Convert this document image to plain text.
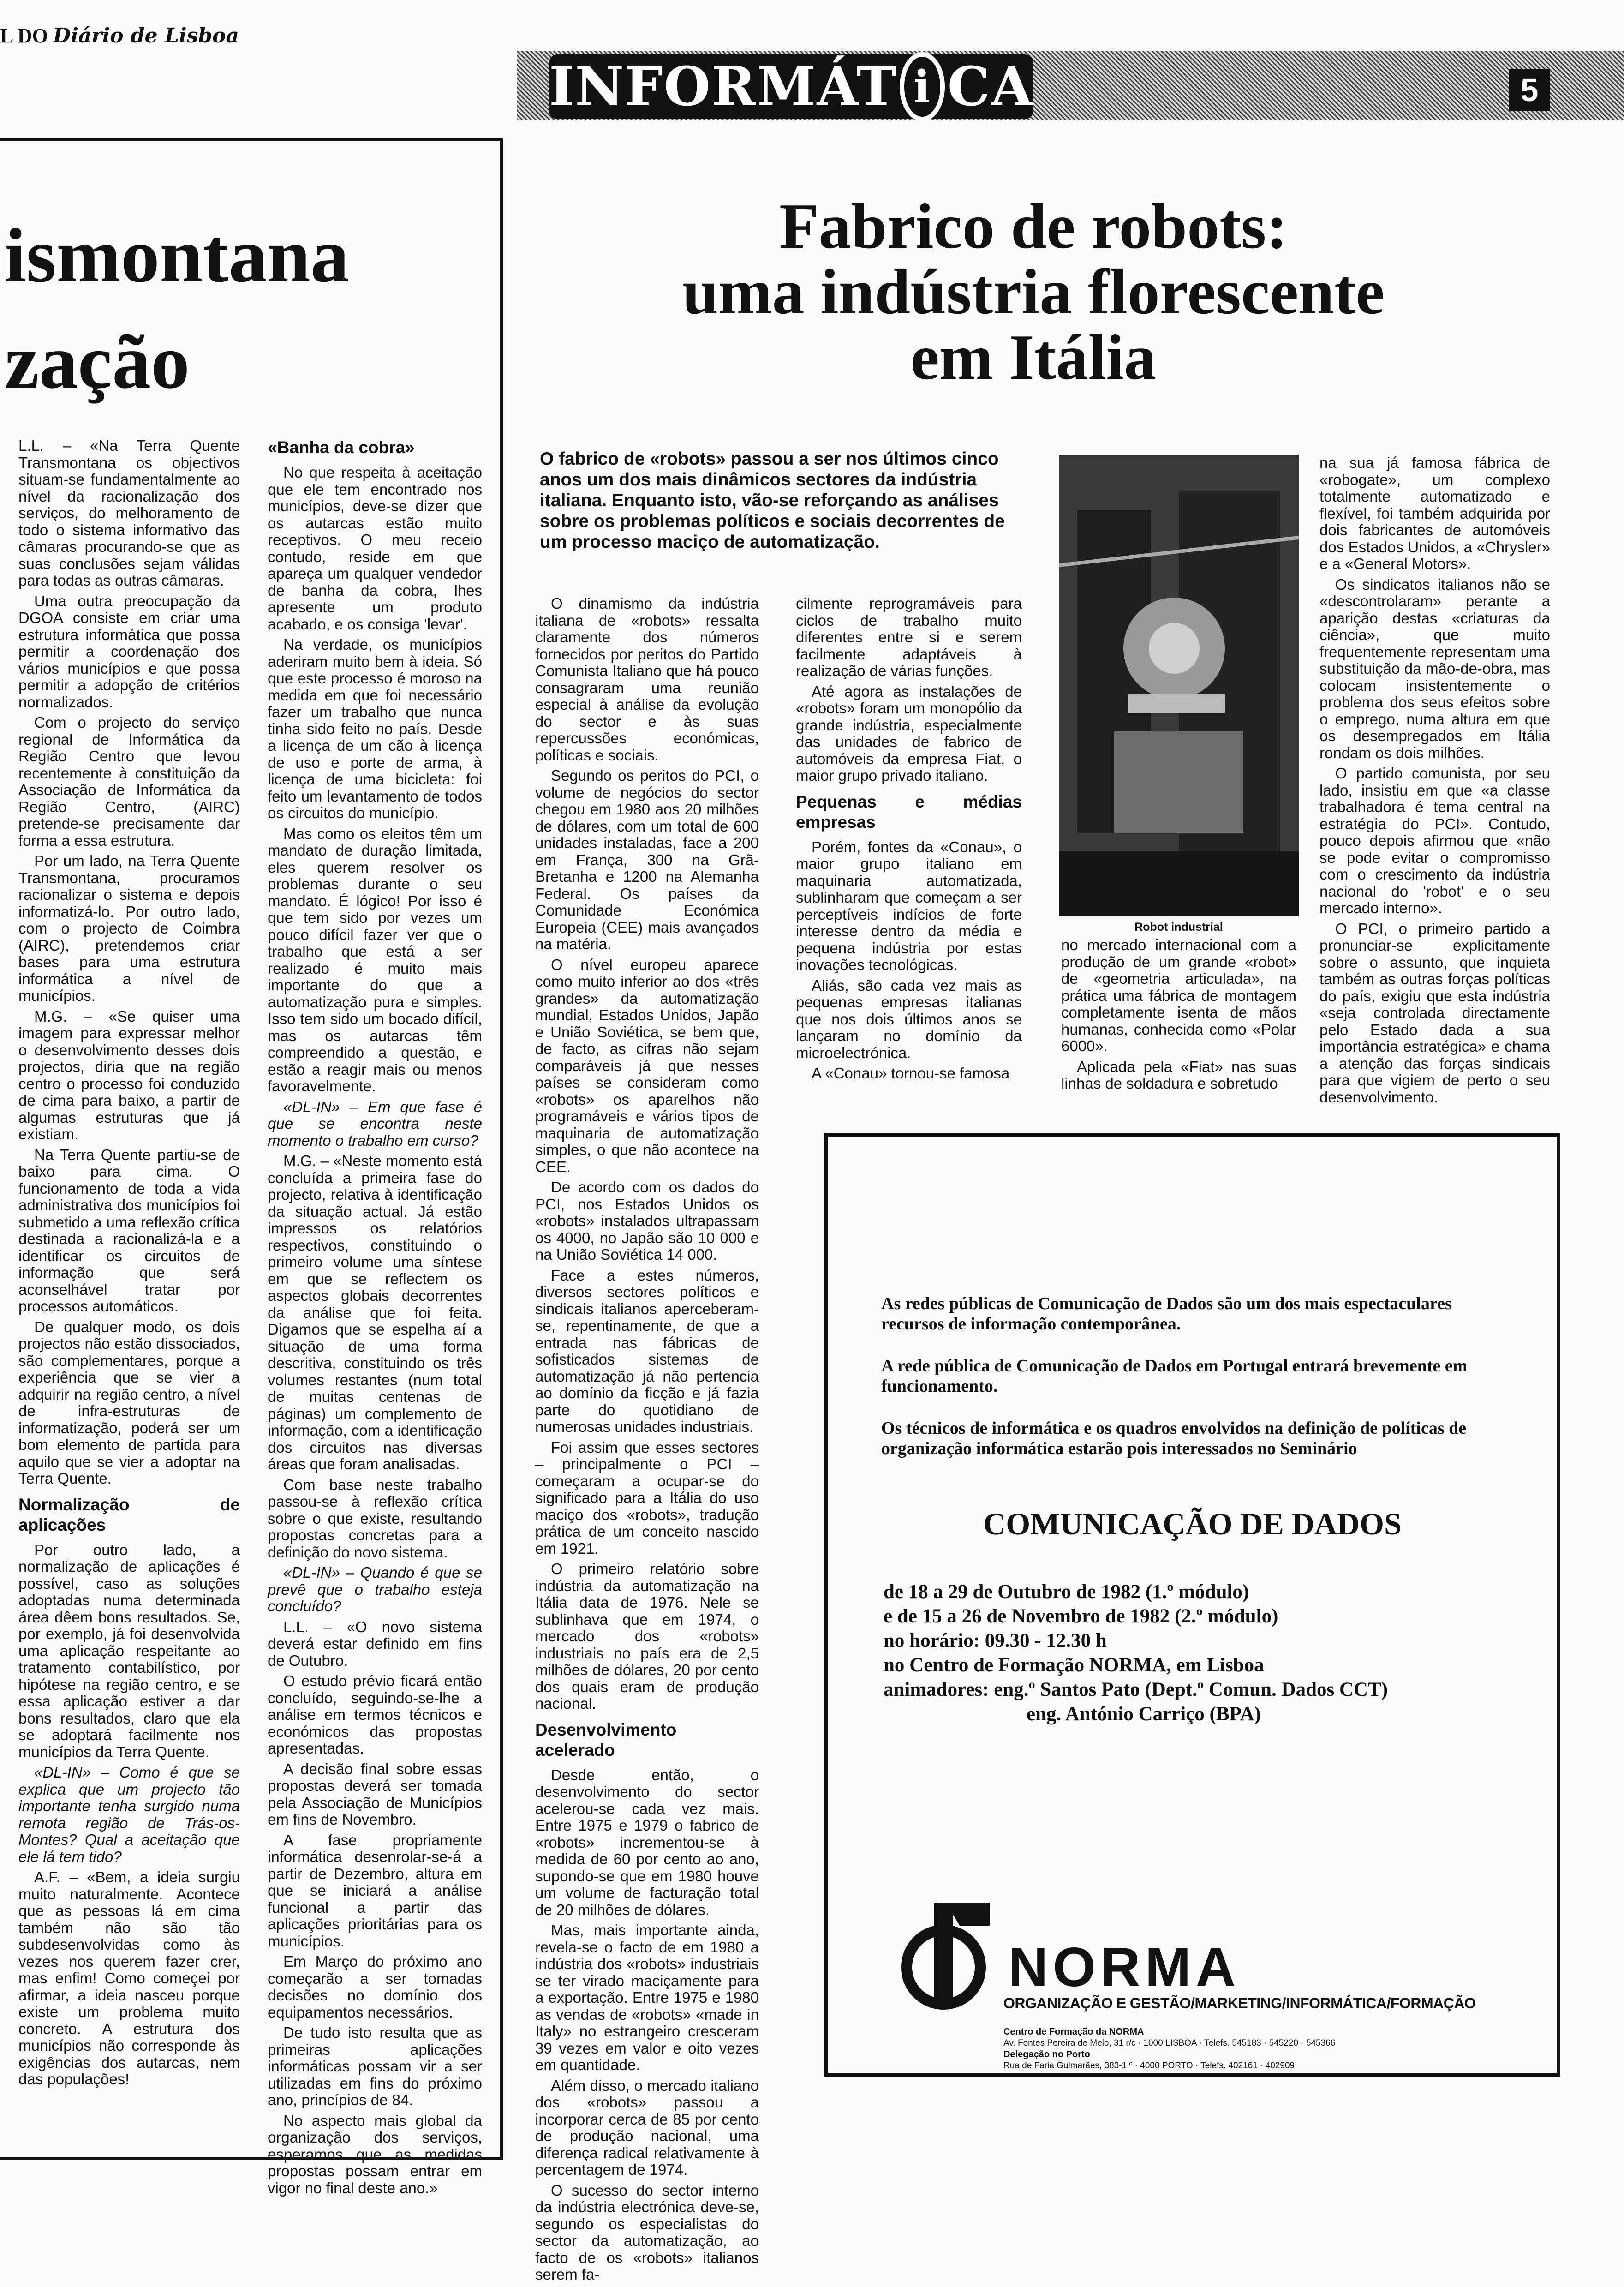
L DO Diário de Lisboa
INFORMÁT i CA	5
ismontana
zação

L.L. – «Na Terra Quente Transmontana os objectivos situam-se fundamentalmente ao nível da racionalização dos serviços, do melhoramento de todo o sistema informativo das câmaras procurando-se que as suas conclusões sejam válidas para todas as outras câmaras.

Uma outra preocupação da DGOA consiste em criar uma estrutura informática que possa permitir a coordenação dos vários municípios e que possa permitir a adopção de critérios normalizados.

Com o projecto do serviço regional de Informática da Região Centro que levou recentemente à constituição da Associação de Informática da Região Centro, (AIRC) pretende-se precisamente dar forma a essa estrutura.

Por um lado, na Terra Quente Transmontana, procuramos racionalizar o sistema e depois informatizá-lo. Por outro lado, com o projecto de Coimbra (AIRC), pretendemos criar bases para uma estrutura informática a nível de municípios.

M.G. – «Se quiser uma imagem para expressar melhor o desenvolvimento desses dois projectos, diria que na região centro o processo foi conduzido de cima para baixo, a partir de algumas estruturas que já existiam.

Na Terra Quente partiu-se de baixo para cima. O funcionamento de toda a vida administrativa dos municípios foi submetido a uma reflexão crítica destinada a racionalizá-la e a identificar os circuitos de informação que será aconselhável tratar por processos automáticos.

De qualquer modo, os dois projectos não estão dissociados, são complementares, porque a experiência que se vier a adquirir na região centro, a nível de infra-estruturas de informatização, poderá ser um bom elemento de partida para aquilo que se vier a adoptar na Terra Quente.

Normalização de aplicações

Por outro lado, a normalização de aplicações é possível, caso as soluções adoptadas numa determinada área dêem bons resultados. Se, por exemplo, já foi desenvolvida uma aplicação respeitante ao tratamento contabilístico, por hipótese na região centro, e se essa aplicação estiver a dar bons resultados, claro que ela se adoptará facilmente nos municípios da Terra Quente.

«DL-IN» – Como é que se explica que um projecto tão importante tenha surgido numa remota região de Trás-os-Montes? Qual a aceitação que ele lá tem tido?

A.F. – «Bem, a ideia surgiu muito naturalmente. Acontece que as pessoas lá em cima também não são tão subdesenvolvidas como às vezes nos querem fazer crer, mas enfim! Como começei por afirmar, a ideia nasceu porque existe um problema muito concreto. A estrutura dos municípios não corresponde às exigências dos autarcas, nem das populações!

«Banha da cobra»

No que respeita à aceitação que ele tem encontrado nos municípios, deve-se dizer que os autarcas estão muito receptivos. O meu receio contudo, reside em que apareça um qualquer vendedor de banha da cobra, lhes apresente um produto acabado, e os consiga 'levar'.

Na verdade, os municípios aderiram muito bem à ideia. Só que este processo é moroso na medida em que foi necessário fazer um trabalho que nunca tinha sido feito no país. Desde a licença de um cão à licença de uso e porte de arma, à licença de uma bicicleta: foi feito um levantamento de todos os circuitos do município.

Mas como os eleitos têm um mandato de duração limitada, eles querem resolver os problemas durante o seu mandato. É lógico! Por isso é que tem sido por vezes um pouco difícil fazer ver que o trabalho que está a ser realizado é muito mais importante do que a automatização pura e simples. Isso tem sido um bocado difícil, mas os autarcas têm compreendido a questão, e estão a reagir mais ou menos favoravelmente.

«DL-IN» – Em que fase é que se encontra neste momento o trabalho em curso?

M.G. – «Neste momento está concluída a primeira fase do projecto, relativa à identificação da situação actual. Já estão impressos os relatórios respectivos, constituindo o primeiro volume uma síntese em que se reflectem os aspectos globais decorrentes da análise que foi feita. Digamos que se espelha aí a situação de uma forma descritiva, constituindo os três volumes restantes (num total de muitas centenas de páginas) um complemento de informação, com a identificação dos circuitos nas diversas áreas que foram analisadas.

Com base neste trabalho passou-se à reflexão crítica sobre o que existe, resultando propostas concretas para a definição do novo sistema.

«DL-IN» – Quando é que se prevê que o trabalho esteja concluído?

L.L. – «O novo sistema deverá estar definido em fins de Outubro.

O estudo prévio ficará então concluído, seguindo-se-lhe a análise em termos técnicos e económicos das propostas apresentadas.

A decisão final sobre essas propostas deverá ser tomada pela Associação de Municípios em fins de Novembro.

A fase propriamente informática desenrolar-se-á a partir de Dezembro, altura em que se iniciará a análise funcional a partir das aplicações prioritárias para os municípios.

Em Março do próximo ano começarão a ser tomadas decisões no domínio dos equipamentos necessários.

De tudo isto resulta que as primeiras aplicações informáticas possam vir a ser utilizadas em fins do próximo ano, princípios de 84.

No aspecto mais global da organização dos serviços, esperamos que as medidas propostas possam entrar em vigor no final deste ano.»

Fabrico de robots:
uma indústria florescente
em Itália
O fabrico de «robots» passou a ser nos últimos cinco anos um dos mais dinâmicos sectores da indústria italiana. Enquanto isto, vão-se reforçando as análises sobre os problemas políticos e sociais decorrentes de um processo maciço de automatização.

O dinamismo da indústria italiana de «robots» ressalta claramente dos números fornecidos por peritos do Partido Comunista Italiano que há pouco consagraram uma reunião especial à análise da evolução do sector e às suas repercussões económicas, políticas e sociais.

Segundo os peritos do PCI, o volume de negócios do sector chegou em 1980 aos 20 milhões de dólares, com um total de 600 unidades instaladas, face a 200 em França, 300 na Grã-Bretanha e 1200 na Alemanha Federal. Os países da Comunidade Económica Europeia (CEE) mais avançados na matéria.

O nível europeu aparece como muito inferior ao dos «três grandes» da automatização mundial, Estados Unidos, Japão e União Soviética, se bem que, de facto, as cifras não sejam comparáveis já que nesses países se consideram como «robots» os aparelhos não programáveis e vários tipos de maquinaria de automatização simples, o que não acontece na CEE.

De acordo com os dados do PCI, nos Estados Unidos os «robots» instalados ultrapassam os 4000, no Japão são 10 000 e na União Soviética 14 000.

Face a estes números, diversos sectores políticos e sindicais italianos aperceberam-se, repentinamente, de que a entrada nas fábricas de sofisticados sistemas de automatização já não pertencia ao domínio da ficção e já fazia parte do quotidiano de numerosas unidades industriais.

Foi assim que esses sectores – principalmente o PCI – começaram a ocupar-se do significado para a Itália do uso maciço dos «robots», tradução prática de um conceito nascido em 1921.

O primeiro relatório sobre indústria da automatização na Itália data de 1976. Nele se sublinhava que em 1974, o mercado dos «robots» industriais no país era de 2,5 milhões de dólares, 20 por cento dos quais eram de produção nacional.

Desenvolvimento acelerado

Desde então, o desenvolvimento do sector acelerou-se cada vez mais. Entre 1975 e 1979 o fabrico de «robots» incrementou-se à medida de 60 por cento ao ano, supondo-se que em 1980 houve um volume de facturação total de 20 milhões de dólares.

Mas, mais importante ainda, revela-se o facto de em 1980 a indústria dos «robots» industriais se ter virado maciçamente para a exportação. Entre 1975 e 1980 as vendas de «robots» «made in Italy» no estrangeiro cresceram 39 vezes em valor e oito vezes em quantidade.

Além disso, o mercado italiano dos «robots» passou a incorporar cerca de 85 por cento de produção nacional, uma diferença radical relativamente à percentagem de 1974.

O sucesso do sector interno da indústria electrónica deve-se, segundo os especialistas do sector da automatização, ao facto de os «robots» italianos serem fa-

cilmente reprogramáveis para ciclos de trabalho muito diferentes entre si e serem facilmente adaptáveis à realização de várias funções.

Até agora as instalações de «robots» foram um monopólio da grande indústria, especialmente das unidades de fabrico de automóveis da empresa Fiat, o maior grupo privado italiano.

Pequenas e médias empresas

Porém, fontes da «Conau», o maior grupo italiano em maquinaria automatizada, sublinharam que começam a ser perceptíveis indícios de forte interesse dentro da média e pequena indústria por estas inovações tecnológicas.

Aliás, são cada vez mais as pequenas empresas italianas que nos dois últimos anos se lançaram no domínio da microelectrónica.

A «Conau» tornou-se famosa

Robot industrial

no mercado internacional com a produção de um grande «robot» de «geometria articulada», na prática uma fábrica de montagem completamente isenta de mãos humanas, conhecida como «Polar 6000».

Aplicada pela «Fiat» nas suas linhas de soldadura e sobretudo

na sua já famosa fábrica de «robogate», um complexo totalmente automatizado e flexível, foi também adquirida por dois fabricantes de automóveis dos Estados Unidos, a «Chrysler» e a «General Motors».

Os sindicatos italianos não se «descontrolaram» perante a aparição destas «criaturas da ciência», que muito frequentemente representam uma substituição da mão-de-obra, mas colocam insistentemente o problema dos seus efeitos sobre o emprego, numa altura em que os desempregados em Itália rondam os dois milhões.

O partido comunista, por seu lado, insistiu em que «a classe trabalhadora é tema central na estratégia do PCI». Contudo, pouco depois afirmou que «não se pode evitar o compromisso com o crescimento da indústria nacional do 'robot' e o seu mercado interno».

O PCI, o primeiro partido a pronunciar-se explicitamente sobre o assunto, que inquieta também as outras forças políticas do país, exigiu que esta indústria «seja controlada directamente pelo Estado dada a sua importância estratégica» e chama a atenção das forças sindicais para que vigiem de perto o seu desenvolvimento.

As redes públicas de Comunicação de Dados são um dos mais espectaculares recursos de informação contemporânea.
A rede pública de Comunicação de Dados em Portugal entrará brevemente em funcionamento.
Os técnicos de informática e os quadros envolvidos na definição de políticas de organização informática estarão pois interessados no Seminário
COMUNICAÇÃO DE DADOS
de 18 a 29 de Outubro de 1982 (1.º módulo)
e de 15 a 26 de Novembro de 1982 (2.º módulo)
no horário: 09.30 - 12.30 h
no Centro de Formação NORMA, em Lisboa
animadores: eng.º Santos Pato (Dept.º Comun. Dados CCT)
eng. António Carriço (BPA)
NORMA
ORGANIZAÇÃO E GESTÃO/MARKETING/INFORMÁTICA/FORMAÇÃO
Centro de Formação da NORMA
Av. Fontes Pereira de Melo, 31 r/c · 1000 LISBOA · Telefs. 545183 · 545220 · 545366
Delegação no Porto
Rua de Faria Guimarães, 383-1.º · 4000 PORTO · Telefs. 402161 · 402909
